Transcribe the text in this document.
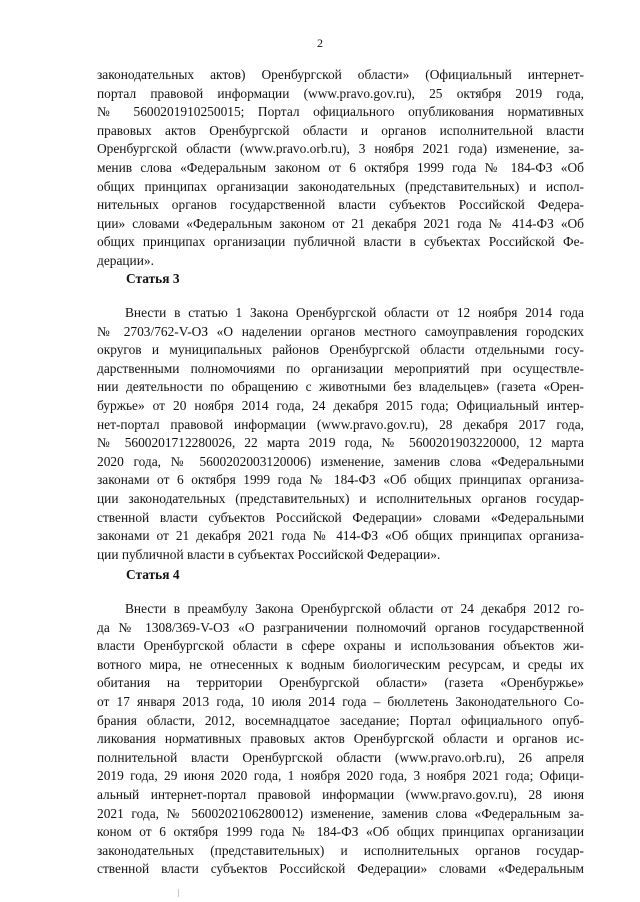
2
законодательных актов) Оренбургской области» (Официальный интернет-
портал правовой информации (www.pravo.gov.ru), 25 октября 2019 года,
№ 5600201910250015; Портал официального опубликования нормативных
правовых актов Оренбургской области и органов исполнительной власти
Оренбургской области (www.pravo.orb.ru), 3 ноября 2021 года) изменение, за-
менив слова «Федеральным законом от 6 октября 1999 года № 184-ФЗ «Об
общих принципах организации законодательных (представительных) и испол-
нительных органов государственной власти субъектов Российской Федера-
ции» словами «Федеральным законом от 21 декабря 2021 года № 414-ФЗ «Об
общих принципах организации публичной власти в субъектах Российской Фе-
дерации».
Статья 3
Внести в статью 1 Закона Оренбургской области от 12 ноября 2014 года
№ 2703/762-V-ОЗ «О наделении органов местного самоуправления городских
округов и муниципальных районов Оренбургской области отдельными госу-
дарственными полномочиями по организации мероприятий при осуществле-
нии деятельности по обращению с животными без владельцев» (газета «Орен-
буржье» от 20 ноября 2014 года, 24 декабря 2015 года; Официальный интер-
нет-портал правовой информации (www.pravo.gov.ru), 28 декабря 2017 года,
№ 5600201712280026, 22 марта 2019 года, № 5600201903220000, 12 марта
2020 года, № 5600202003120006) изменение, заменив слова «Федеральными
законами от 6 октября 1999 года № 184-ФЗ «Об общих принципах организа-
ции законодательных (представительных) и исполнительных органов государ-
ственной власти субъектов Российской Федерации» словами «Федеральными
законами от 21 декабря 2021 года № 414-ФЗ «Об общих принципах организа-
ции публичной власти в субъектах Российской Федерации».
Статья 4
Внести в преамбулу Закона Оренбургской области от 24 декабря 2012 го-
да № 1308/369-V-ОЗ «О разграничении полномочий органов государственной
власти Оренбургской области в сфере охраны и использования объектов жи-
вотного мира, не отнесенных к водным биологическим ресурсам, и среды их
обитания на территории Оренбургской области» (газета «Оренбуржье»
от 17 января 2013 года, 10 июля 2014 года – бюллетень Законодательного Со-
брания области, 2012, восемнадцатое заседание; Портал официального опуб-
ликования нормативных правовых актов Оренбургской области и органов ис-
полнительной власти Оренбургской области (www.pravo.orb.ru), 26 апреля
2019 года, 29 июня 2020 года, 1 ноября 2020 года, 3 ноября 2021 года; Офици-
альный интернет-портал правовой информации (www.pravo.gov.ru), 28 июня
2021 года, № 5600202106280012) изменение, заменив слова «Федеральным за-
коном от 6 октября 1999 года № 184-ФЗ «Об общих принципах организации
законодательных (представительных) и исполнительных органов государ-
ственной власти субъектов Российской Федерации» словами «Федеральным
